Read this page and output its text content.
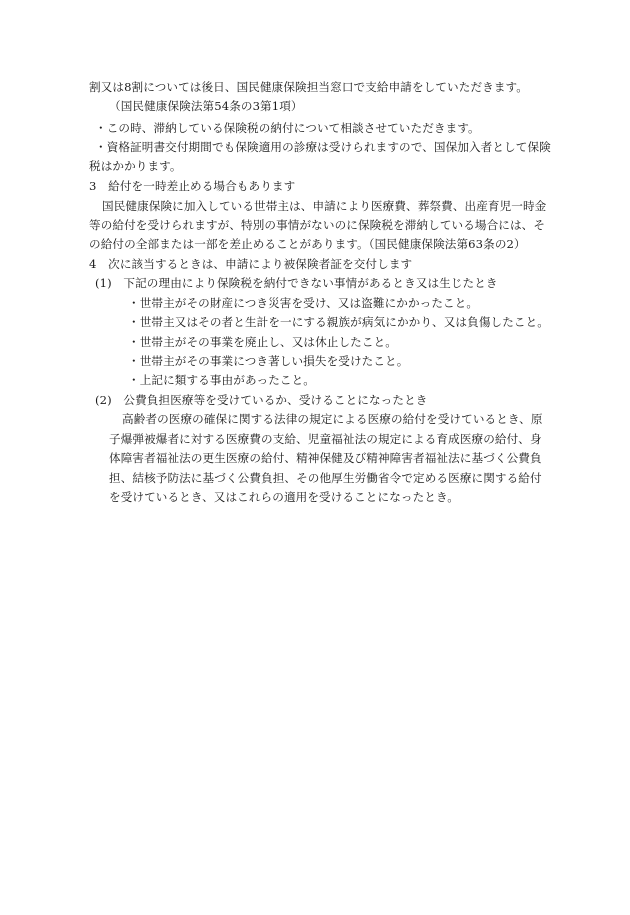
割又は8割については後日、国民健康保険担当窓口で支給申請をしていただきます。
（国民健康保険法第54条の3第1項）
・この時、滞納している保険税の納付について相談させていただきます。
・資格証明書交付期間でも保険適用の診療は受けられますので、国保加入者として保険
税はかかります。
3　給付を一時差止める場合もあります
国民健康保険に加入している世帯主は、申請により医療費、葬祭費、出産育児一時金
等の給付を受けられますが、特別の事情がないのに保険税を滞納している場合には、そ
の給付の全部または一部を差止めることがあります。（国民健康保険法第63条の2）
4　次に該当するときは、申請により被保険者証を交付します
(1)　下記の理由により保険税を納付できない事情があるとき又は生じたとき
・世帯主がその財産につき災害を受け、又は盗難にかかったこと。
・世帯主又はその者と生計を一にする親族が病気にかかり、又は負傷したこと。
・世帯主がその事業を廃止し、又は休止したこと。
・世帯主がその事業につき著しい損失を受けたこと。
・上記に類する事由があったこと。
(2)　公費負担医療等を受けているか、受けることになったとき
高齢者の医療の確保に関する法律の規定による医療の給付を受けているとき、原
子爆弾被爆者に対する医療費の支給、児童福祉法の規定による育成医療の給付、身
体障害者福祉法の更生医療の給付、精神保健及び精神障害者福祉法に基づく公費負
担、結核予防法に基づく公費負担、その他厚生労働省令で定める医療に関する給付
を受けているとき、又はこれらの適用を受けることになったとき。
